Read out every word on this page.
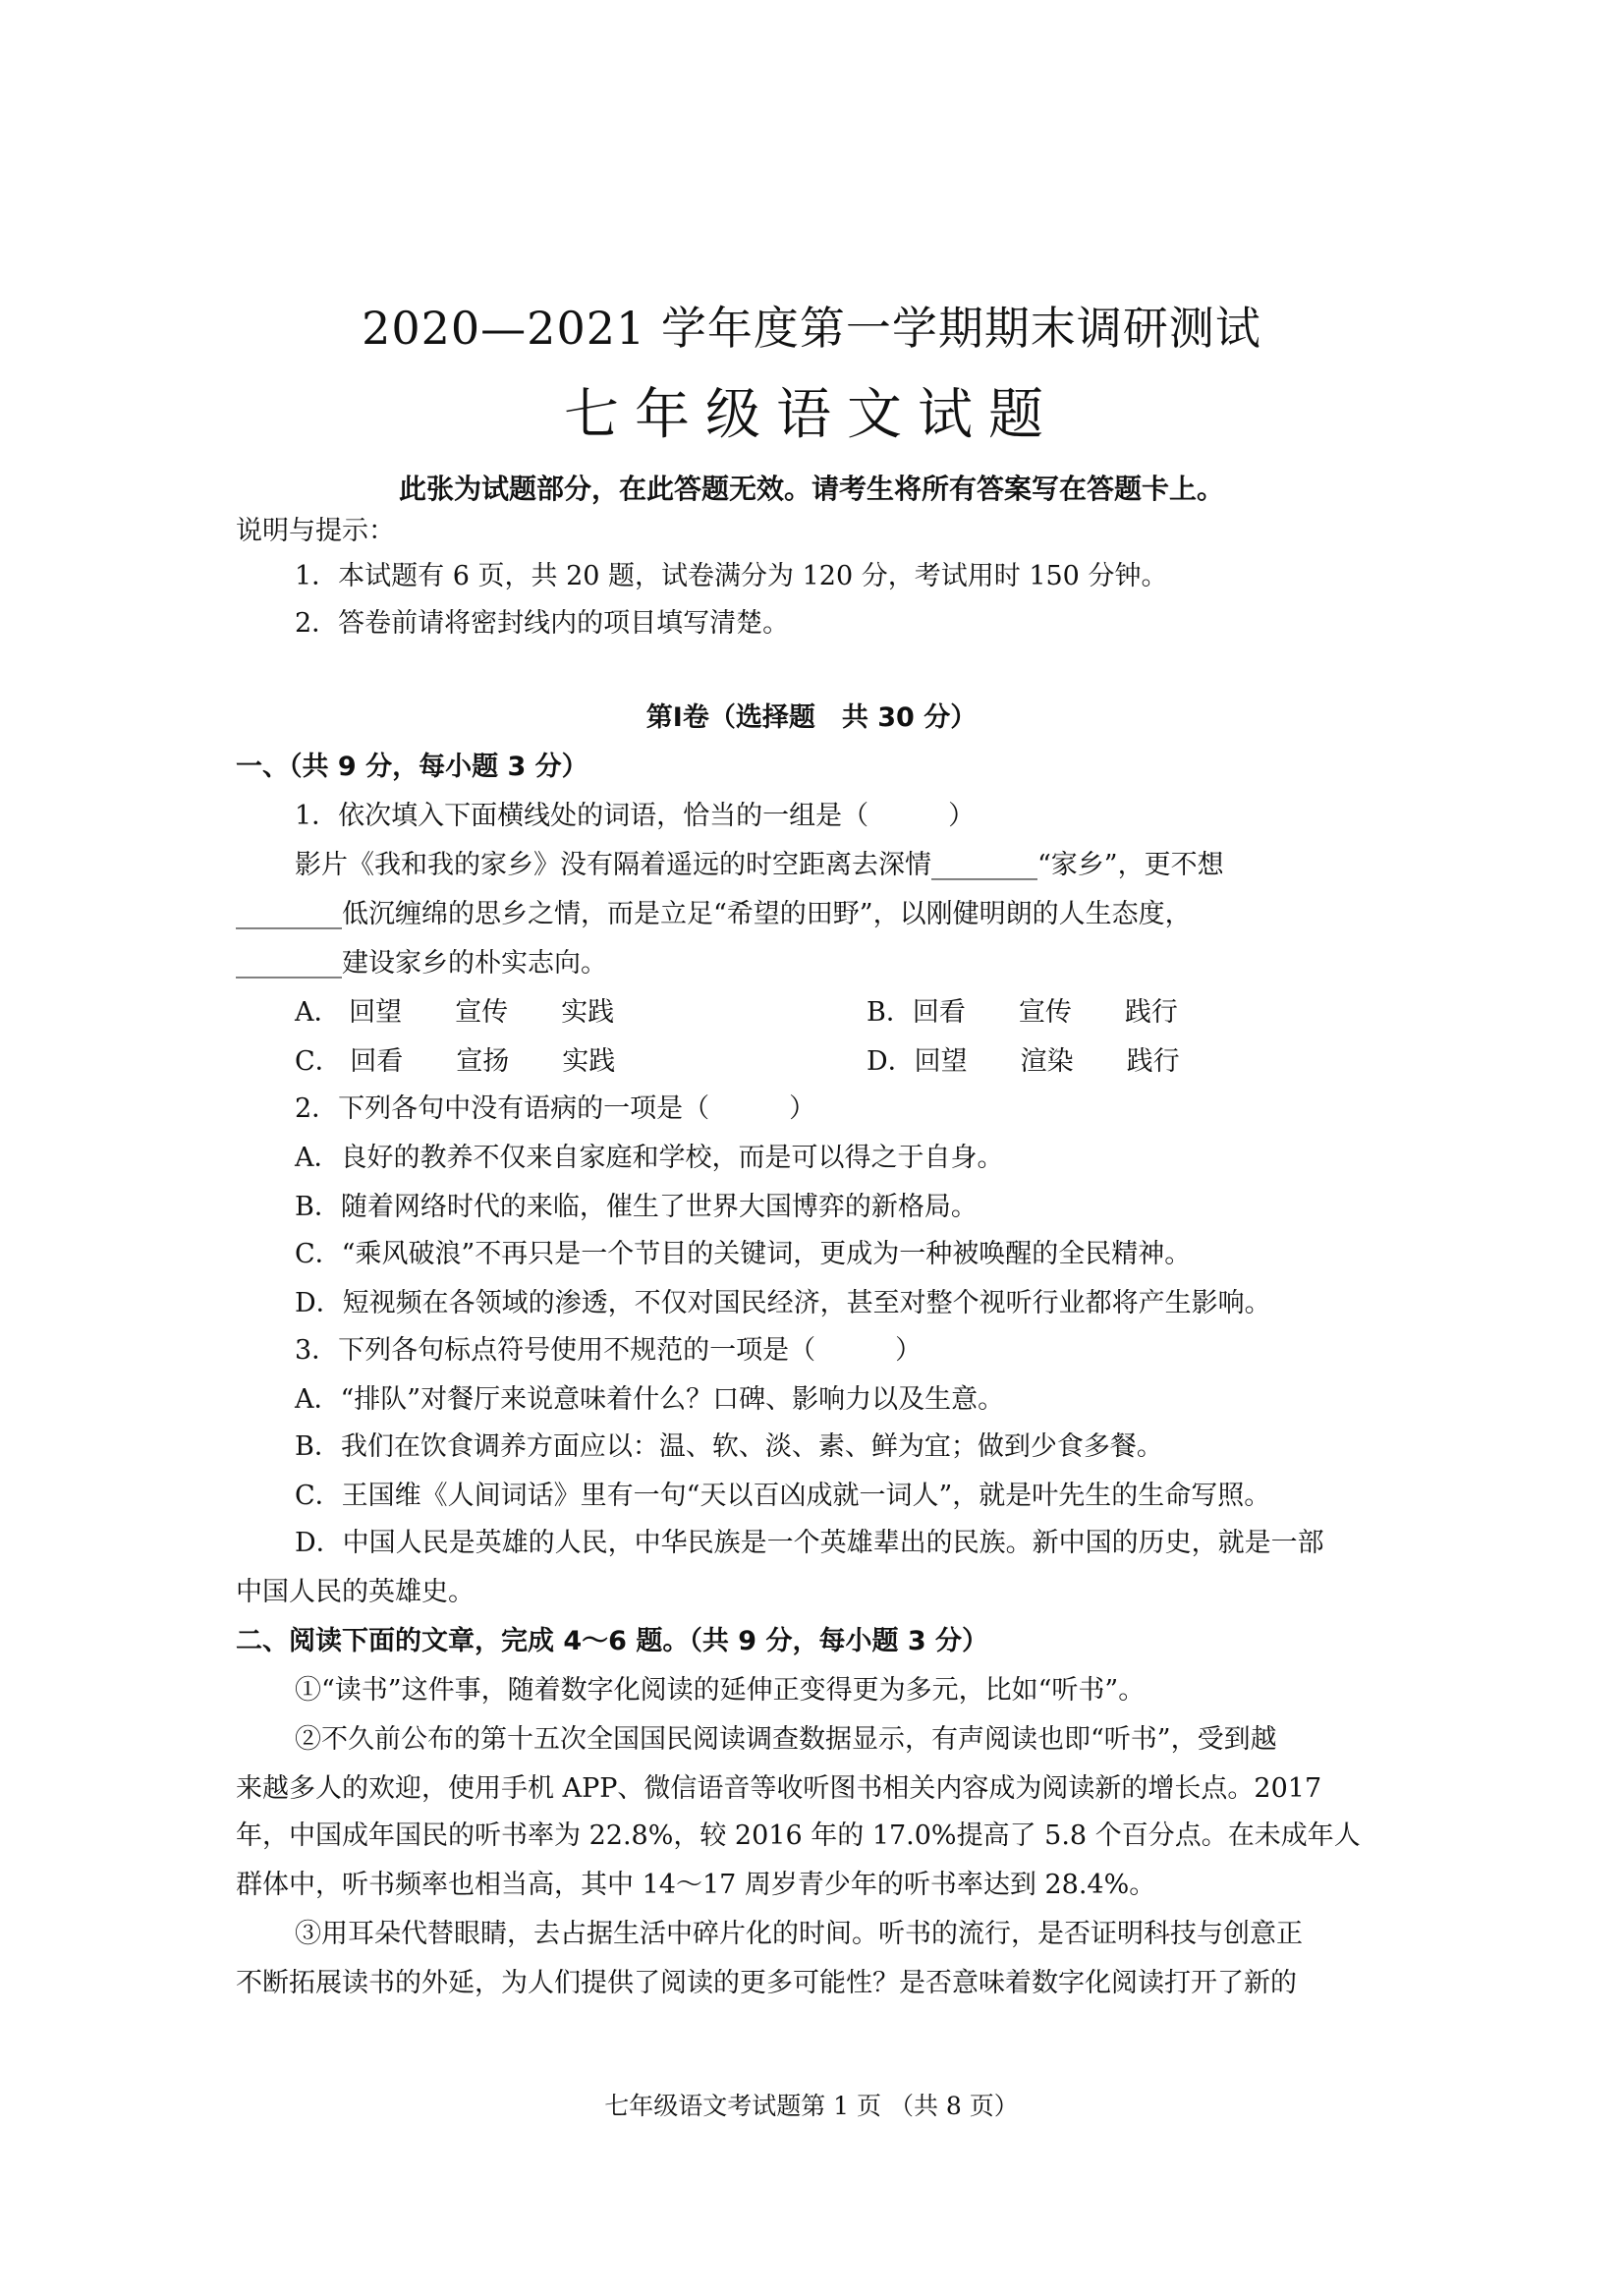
2020—2021 学年度第一学期期末调研测试
七年级语文试题
此张为试题部分，在此答题无效。请考生将所有答案写在答题卡上。
说明与提示：
1．本试题有 6 页，共 20 题，试卷满分为 120 分，考试用时 150 分钟。
2．答卷前请将密封线内的项目填写清楚。
第Ⅰ卷（选择题　共 30 分）
一、（共 9 分，每小题 3 分）
1．依次填入下面横线处的词语，恰当的一组是（　　　）
影片《我和我的家乡》没有隔着遥远的时空距离去深情________“家乡”，更不想
________低沉缠绵的思乡之情，而是立足“希望的田野”，以刚健明朗的人生态度，
________建设家乡的朴实志向。
A． 回望　　宣传　　实践	B．回看　　宣传　　践行
C． 回看　　宣扬　　实践	D．回望　　渲染　　践行
2．下列各句中没有语病的一项是（　　　）
A．良好的教养不仅来自家庭和学校，而是可以得之于自身。
B．随着网络时代的来临，催生了世界大国博弈的新格局。
C．“乘风破浪”不再只是一个节目的关键词，更成为一种被唤醒的全民精神。
D．短视频在各领域的渗透，不仅对国民经济，甚至对整个视听行业都将产生影响。
3．下列各句标点符号使用不规范的一项是（　　　）
A．“排队”对餐厅来说意味着什么？口碑、影响力以及生意。
B．我们在饮食调养方面应以：温、软、淡、素、鲜为宜；做到少食多餐。
C．王国维《人间词话》里有一句“天以百凶成就一词人”，就是叶先生的生命写照。
D．中国人民是英雄的人民，中华民族是一个英雄辈出的民族。新中国的历史，就是一部
中国人民的英雄史。
二、阅读下面的文章，完成 4～6 题。（共 9 分，每小题 3 分）
①“读书”这件事，随着数字化阅读的延伸正变得更为多元，比如“听书”。
②不久前公布的第十五次全国国民阅读调查数据显示，有声阅读也即“听书”，受到越
来越多人的欢迎，使用手机 APP、微信语音等收听图书相关内容成为阅读新的增长点。2017
年，中国成年国民的听书率为 22.8%，较 2016 年的 17.0%提高了 5.8 个百分点。在未成年人
群体中，听书频率也相当高，其中 14～17 周岁青少年的听书率达到 28.4%。
③用耳朵代替眼睛，去占据生活中碎片化的时间。听书的流行，是否证明科技与创意正
不断拓展读书的外延，为人们提供了阅读的更多可能性？是否意味着数字化阅读打开了新的
七年级语文考试题第 1 页 （共 8 页）
